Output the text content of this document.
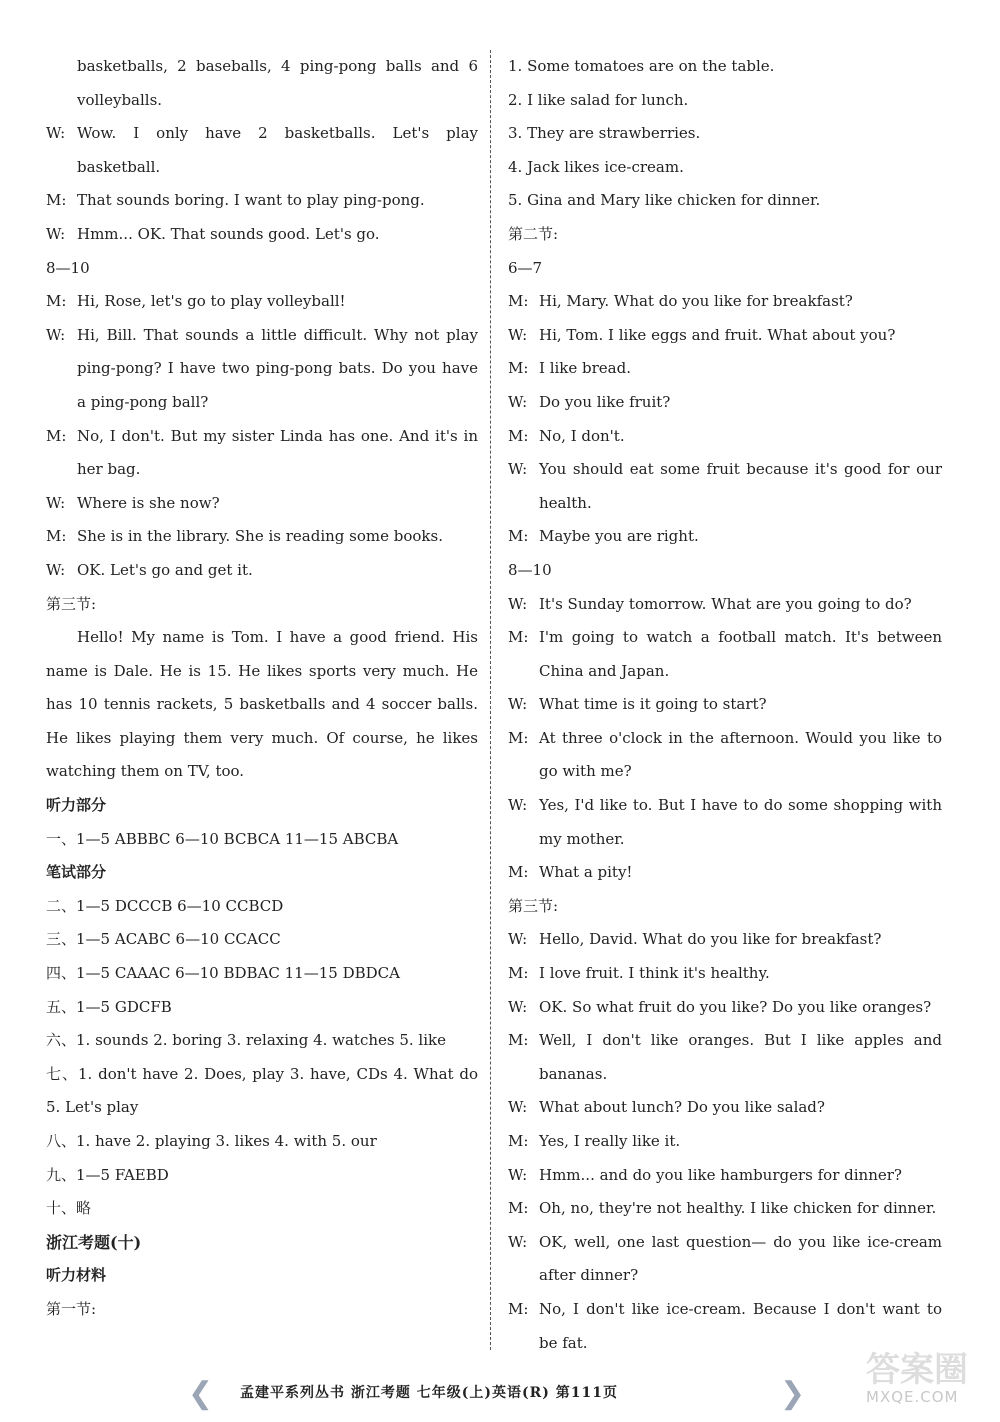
basketballs, 2 baseballs, 4 ping-pong balls and 6 volleyballs.
W: Wow. I only have 2 basketballs. Let's play basketball.
M: That sounds boring. I want to play ping-pong.
W: Hmm... OK. That sounds good. Let's go.

8—10

M: Hi, Rose, let's go to play volleyball!
W: Hi, Bill. That sounds a little difficult. Why not play ping-pong? I have two ping-pong bats. Do you have a ping-pong ball?
M: No, I don't. But my sister Linda has one. And it's in her bag.
W: Where is she now?
M: She is in the library. She is reading some books.
W: OK. Let's go and get it.

第三节:

Hello! My name is Tom. I have a good friend. His name is Dale. He is 15. He likes sports very much. He has 10 tennis rackets, 5 basketballs and 4 soccer balls. He likes playing them very much. Of course, he likes watching them on TV, too.

听力部分

一、1—5 ABBBC 6—10 BCBCA 11—15 ABCBA

笔试部分

二、1—5 DCCCB 6—10 CCBCD

三、1—5 ACABC 6—10 CCACC

四、1—5 CAAAC 6—10 BDBAC 11—15 DBDCA

五、1—5 GDCFB

六、1. sounds 2. boring 3. relaxing 4. watches 5. like

七、1. don't have 2. Does, play 3. have, CDs 4. What do 5. Let's play

八、1. have 2. playing 3. likes 4. with 5. our

九、1—5 FAEBD

十、略

浙江考题(十)

听力材料

第一节:

1. Some tomatoes are on the table.

2. I like salad for lunch.

3. They are strawberries.

4. Jack likes ice-cream.

5. Gina and Mary like chicken for dinner.

第二节:

6—7

M: Hi, Mary. What do you like for breakfast?
W: Hi, Tom. I like eggs and fruit. What about you?
M: I like bread.
W: Do you like fruit?
M: No, I don't.
W: You should eat some fruit because it's good for our health.
M: Maybe you are right.

8—10

W: It's Sunday tomorrow. What are you going to do?
M: I'm going to watch a football match. It's between China and Japan.
W: What time is it going to start?
M: At three o'clock in the afternoon. Would you like to go with me?
W: Yes, I'd like to. But I have to do some shopping with my mother.
M: What a pity!

第三节:

W: Hello, David. What do you like for breakfast?
M: I love fruit. I think it's healthy.
W: OK. So what fruit do you like? Do you like oranges?
M: Well, I don't like oranges. But I like apples and bananas.
W: What about lunch? Do you like salad?
M: Yes, I really like it.
W: Hmm... and do you like hamburgers for dinner?
M: Oh, no, they're not healthy. I like chicken for dinner.
W: OK, well, one last question— do you like ice-cream after dinner?
M: No, I don't like ice-cream. Because I don't want to be fat.
❮ 孟建平系列丛书 浙江考题 七年级(上)英语(R) 第111页	❯
答案圈
MXQE.COM
